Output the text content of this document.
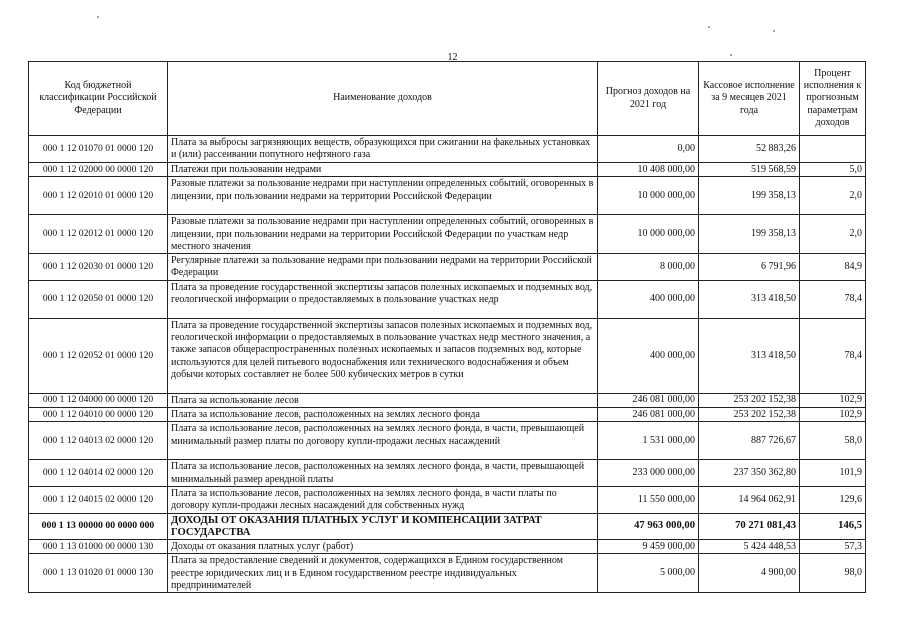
12
Код бюджетной классификации Российской Федерации	Наименование доходов	Прогноз доходов на 2021 год	Кассовое исполнение за 9 месяцев 2021 года	Процент исполнения к прогнозным параметрам доходов
000 1 12 01070 01 0000 120	Плата за выбросы загрязняющих веществ, образующихся при сжигании на факельных установках и (или) рассеивании попутного нефтяного газа	0,00	52 883,26	
000 1 12 02000 00 0000 120	Платежи при пользовании недрами	10 408 000,00	519 568,59	5,0
000 1 12 02010 01 0000 120	Разовые платежи за пользование недрами при наступлении определенных событий, оговоренных в лицензии, при пользовании недрами на территории Российской Федерации	10 000 000,00	199 358,13	2,0
000 1 12 02012 01 0000 120	Разовые платежи за пользование недрами при наступлении определенных событий, оговоренных в лицензии, при пользовании недрами на территории Российской Федерации по участкам недр местного значения	10 000 000,00	199 358,13	2,0
000 1 12 02030 01 0000 120	Регулярные платежи за пользование недрами при пользовании недрами на территории Российской Федерации	8 000,00	6 791,96	84,9
000 1 12 02050 01 0000 120	Плата за проведение государственной экспертизы запасов полезных ископаемых и подземных вод, геологической информации о предоставляемых в пользование участках недр	400 000,00	313 418,50	78,4
000 1 12 02052 01 0000 120	Плата за проведение государственной экспертизы запасов полезных ископаемых и подземных вод, геологической информации о предоставляемых в пользование участках недр местного значения, а также запасов общераспространенных полезных ископаемых и запасов подземных вод, которые используются для целей питьевого водоснабжения или технического водоснабжения и объем добычи которых составляет не более 500 кубических метров в сутки	400 000,00	313 418,50	78,4
000 1 12 04000 00 0000 120	Плата за использование лесов	246 081 000,00	253 202 152,38	102,9
000 1 12 04010 00 0000 120	Плата за использование лесов, расположенных на землях лесного фонда	246 081 000,00	253 202 152,38	102,9
000 1 12 04013 02 0000 120	Плата за использование лесов, расположенных на землях лесного фонда, в части, превышающей минимальный размер платы по договору купли-продажи лесных насаждений	1 531 000,00	887 726,67	58,0
000 1 12 04014 02 0000 120	Плата за использование лесов, расположенных на землях лесного фонда, в части, превышающей минимальный размер арендной платы	233 000 000,00	237 350 362,80	101,9
000 1 12 04015 02 0000 120	Плата за использование лесов, расположенных на землях лесного фонда, в части платы по договору купли-продажи лесных насаждений для собственных нужд	11 550 000,00	14 964 062,91	129,6
000 1 13 00000 00 0000 000	ДОХОДЫ ОТ ОКАЗАНИЯ ПЛАТНЫХ УСЛУГ И КОМПЕНСАЦИИ ЗАТРАТ ГОСУДАРСТВА	47 963 000,00	70 271 081,43	146,5
000 1 13 01000 00 0000 130	Доходы от оказания платных услуг (работ)	9 459 000,00	5 424 448,53	57,3
000 1 13 01020 01 0000 130	Плата за предоставление сведений и документов, содержащихся в Едином государственном реестре юридических лиц и в Едином государственном реестре индивидуальных предпринимателей	5 000,00	4 900,00	98,0
